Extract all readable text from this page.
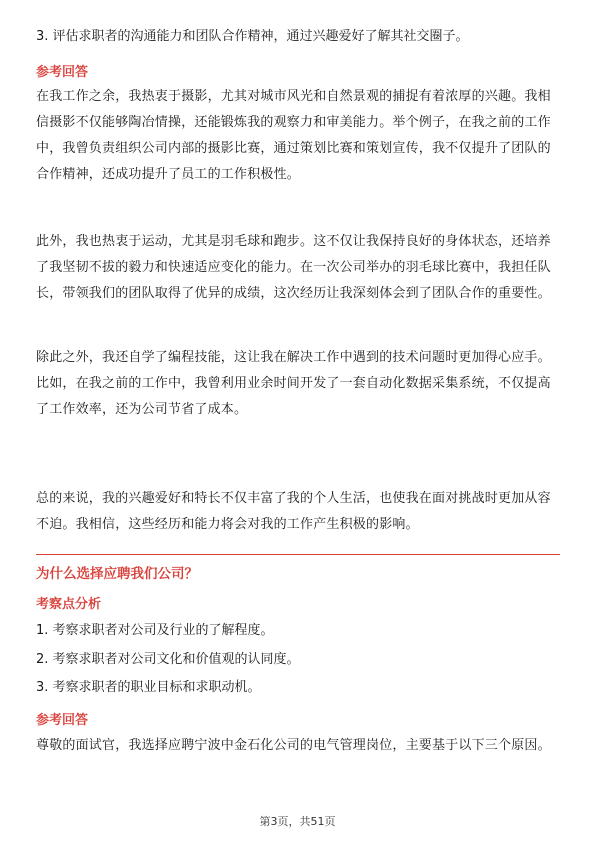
3. 评估求职者的沟通能力和团队合作精神，通过兴趣爱好了解其社交圈子。

参考回答

在我工作之余，我热衷于摄影，尤其对城市风光和自然景观的捕捉有着浓厚的兴趣。我相信摄影不仅能够陶冶情操，还能锻炼我的观察力和审美能力。举个例子，在我之前的工作中，我曾负责组织公司内部的摄影比赛，通过策划比赛和策划宣传，我不仅提升了团队的合作精神，还成功提升了员工的工作积极性。

此外，我也热衷于运动，尤其是羽毛球和跑步。这不仅让我保持良好的身体状态，还培养了我坚韧不拔的毅力和快速适应变化的能力。在一次公司举办的羽毛球比赛中，我担任队长，带领我们的团队取得了优异的成绩，这次经历让我深刻体会到了团队合作的重要性。

除此之外，我还自学了编程技能，这让我在解决工作中遇到的技术问题时更加得心应手。比如，在我之前的工作中，我曾利用业余时间开发了一套自动化数据采集系统，不仅提高了工作效率，还为公司节省了成本。

总的来说，我的兴趣爱好和特长不仅丰富了我的个人生活，也使我在面对挑战时更加从容不迫。我相信，这些经历和能力将会对我的工作产生积极的影响。

为什么选择应聘我们公司？

考察点分析

1. 考察求职者对公司及行业的了解程度。

2. 考察求职者对公司文化和价值观的认同度。

3. 考察求职者的职业目标和求职动机。

参考回答

尊敬的面试官，我选择应聘宁波中金石化公司的电气管理岗位，主要基于以下三个原因。

第3页，共51页
